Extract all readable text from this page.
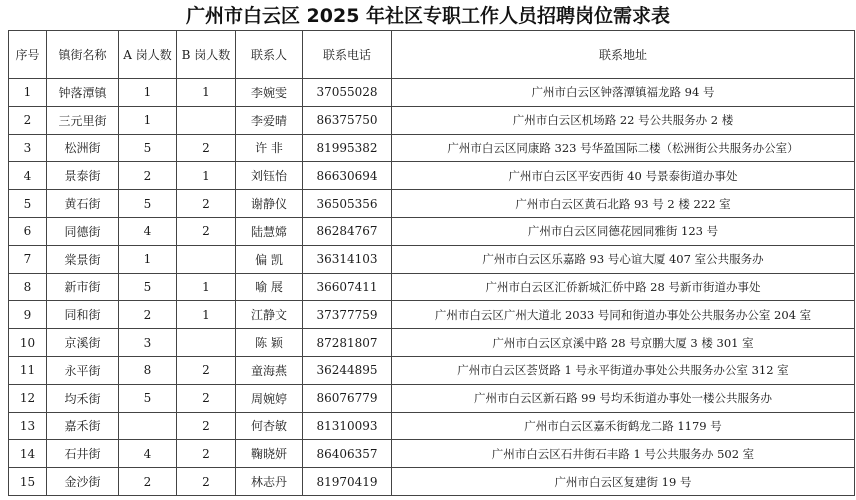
广州市白云区 2025 年社区专职工作人员招聘岗位需求表
序号	镇街名称	A 岗人数	B 岗人数	联系人	联系电话	联系地址
1	钟落潭镇	1	1	李婉雯	37055028	广州市白云区钟落潭镇福龙路 94 号
2	三元里街	1		李爱晴	86375750	广州市白云区机场路 22 号公共服务办 2 楼
3	松洲街	5	2	许 非	81995382	广州市白云区同康路 323 号华盈国际二楼（松洲街公共服务办公室）
4	景泰街	2	1	刘钰怡	86630694	广州市白云区平安西街 40 号景泰街道办事处
5	黄石街	5	2	谢静仪	36505356	广州市白云区黄石北路 93 号 2 楼 222 室
6	同德街	4	2	陆慧嫦	86284767	广州市白云区同德花园同雅街 123 号
7	棠景街	1		偏 凯	36314103	广州市白云区乐嘉路 93 号心谊大厦 407 室公共服务办
8	新市街	5	1	喻 展	36607411	广州市白云区汇侨新城汇侨中路 28 号新市街道办事处
9	同和街	2	1	江静文	37377759	广州市白云区广州大道北 2033 号同和街道办事处公共服务办公室 204 室
10	京溪街	3		陈 颖	87281807	广州市白云区京溪中路 28 号京鹏大厦 3 楼 301 室
11	永平街	8	2	童海燕	36244895	广州市白云区荟贤路 1 号永平街道办事处公共服务办公室 312 室
12	均禾街	5	2	周婉婷	86076779	广州市白云区新石路 99 号均禾街道办事处一楼公共服务办
13	嘉禾街		2	何杏敏	81310093	广州市白云区嘉禾街鹤龙二路 1179 号
14	石井街	4	2	鞠晓妍	86406357	广州市白云区石井街石丰路 1 号公共服务办 502 室
15	金沙街	2	2	林志丹	81970419	广州市白云区复建街 19 号
